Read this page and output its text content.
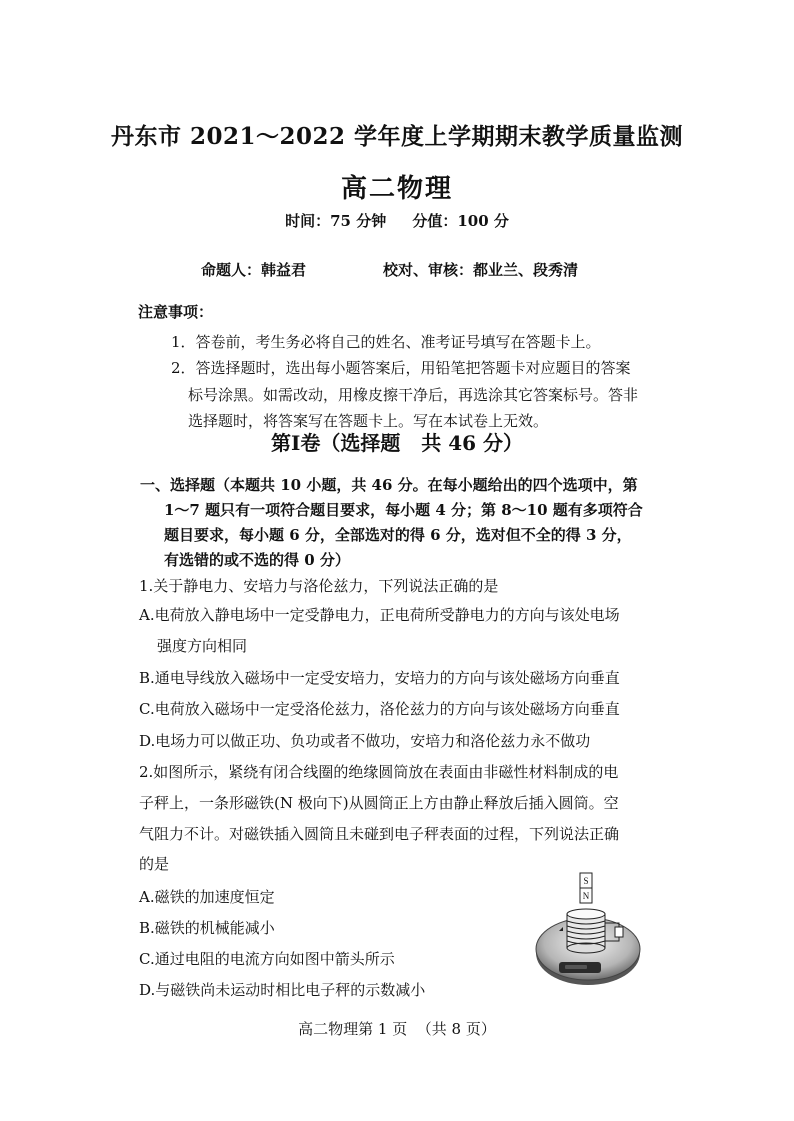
丹东市 2021～2022 学年度上学期期末教学质量监测
高二物理
时间：75 分钟     分值：100 分
命题人：韩益君	校对、审核：都业兰、段秀清
注意事项：
1．答卷前，考生务必将自己的姓名、准考证号填写在答题卡上。
2．答选择题时，选出每小题答案后，用铅笔把答题卡对应题目的答案
标号涂黑。如需改动，用橡皮擦干净后，再选涂其它答案标号。答非
选择题时，将答案写在答题卡上。写在本试卷上无效。
第Ⅰ卷（选择题   共 46 分）
一、选择题（本题共 10 小题，共 46 分。在每小题给出的四个选项中，第
1～7 题只有一项符合题目要求，每小题 4 分；第 8～10 题有多项符合
题目要求，每小题 6 分，全部选对的得 6 分，选对但不全的得 3 分，
有选错的或不选的得 0 分）
1.关于静电力、安培力与洛伦兹力，下列说法正确的是
A.电荷放入静电场中一定受静电力，正电荷所受静电力的方向与该处电场
强度方向相同
B.通电导线放入磁场中一定受安培力，安培力的方向与该处磁场方向垂直
C.电荷放入磁场中一定受洛伦兹力，洛伦兹力的方向与该处磁场方向垂直
D.电场力可以做正功、负功或者不做功，安培力和洛伦兹力永不做功
2.如图所示，紧绕有闭合线圈的绝缘圆筒放在表面由非磁性材料制成的电
子秤上，一条形磁铁(N 极向下)从圆筒正上方由静止释放后插入圆筒。空
气阻力不计。对磁铁插入圆筒且未碰到电子秤表面的过程，下列说法正确
的是
A.磁铁的加速度恒定
B.磁铁的机械能减小
C.通过电阻的电流方向如图中箭头所示
D.与磁铁尚未运动时相比电子秤的示数减小
S
N
高二物理第 1 页  （共 8 页）
